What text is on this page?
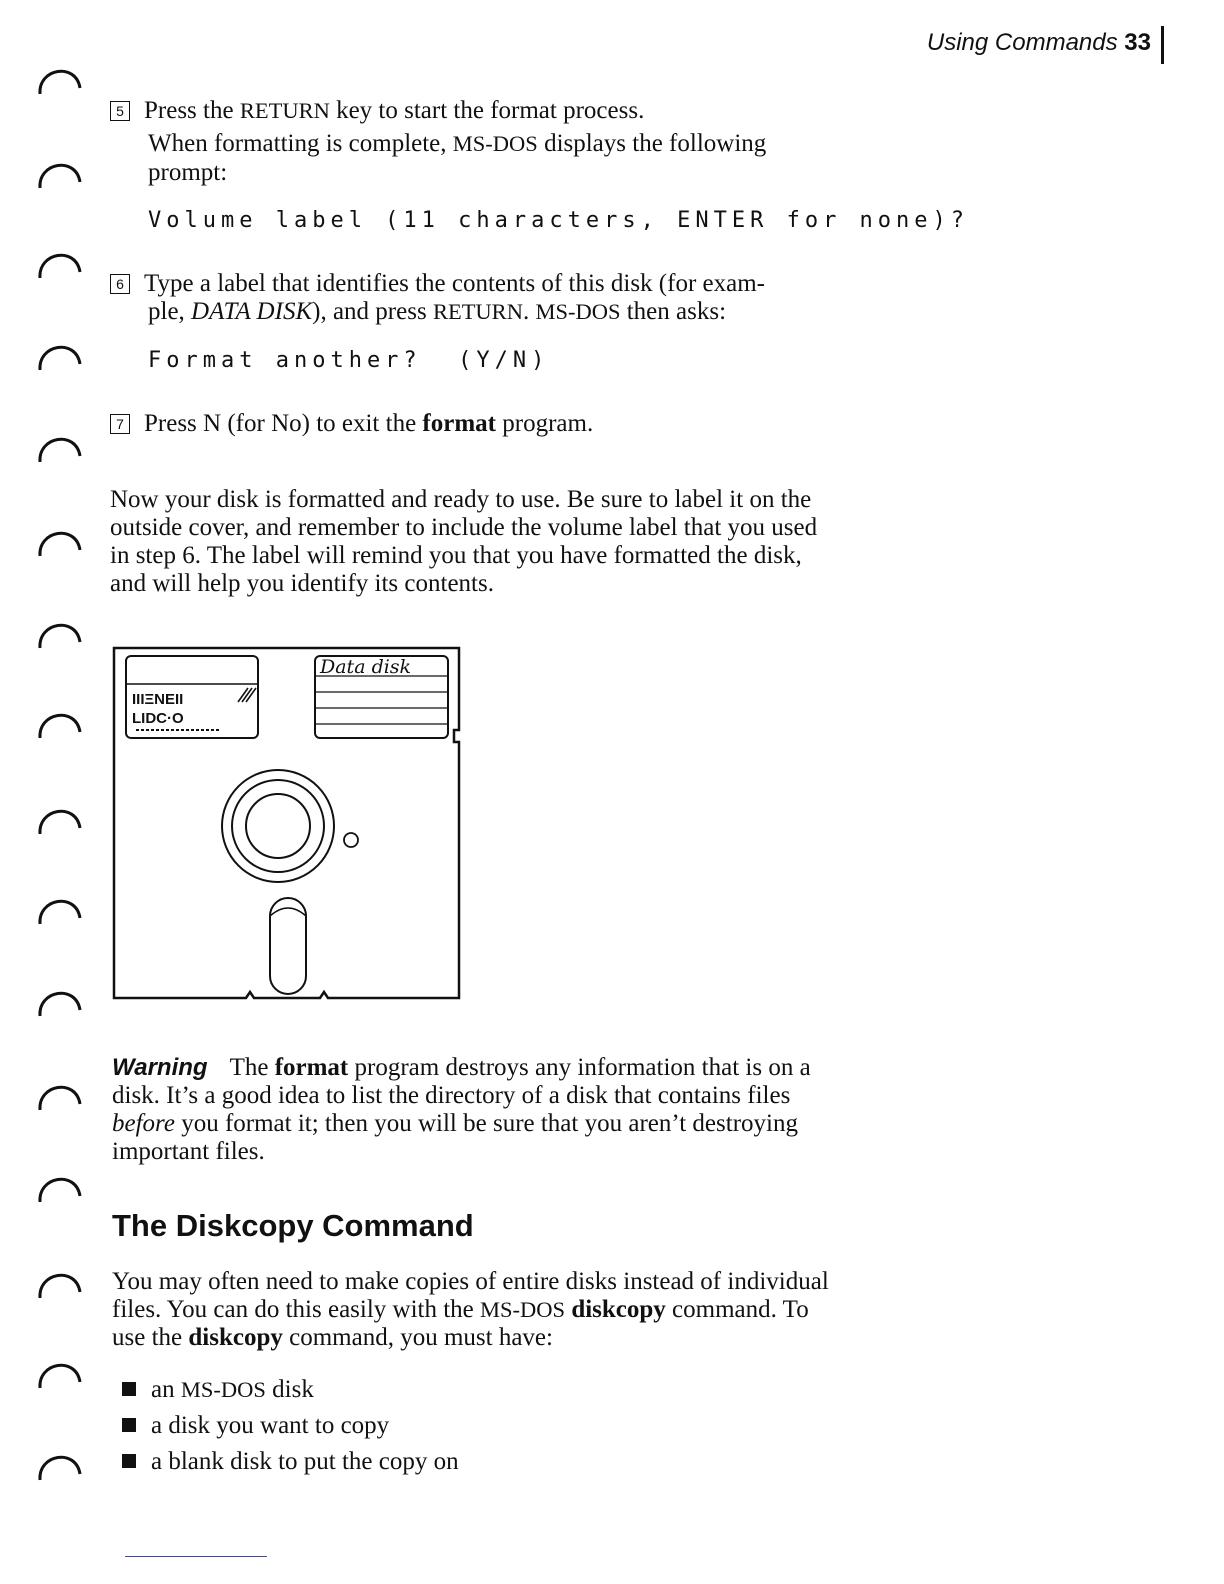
Using Commands 33
5 Press the RETURN key to start the format process.
When formatting is complete, MS-DOS displays the following prompt:
Volume label (11 characters, ENTER for none)?
6 Type a label that identifies the contents of this disk (for exam-
ple, DATA DISK), and press RETURN. MS-DOS then asks:
Format another?  (Y/N)
7 Press N (for No) to exit the format program.
Now your disk is formatted and ready to use. Be sure to label it on the outside cover, and remember to include the volume label that you used in step 6. The label will remind you that you have formatted the disk, and will help you identify its contents.
IIIΞΝΕΙΙ
LIDC·O
Data disk
Warning The format program destroys any information that is on a disk. It’s a good idea to list the directory of a disk that contains files before you format it; then you will be sure that you aren’t destroying important files.
The Diskcopy Command
You may often need to make copies of entire disks instead of individual files. You can do this easily with the MS-DOS diskcopy command. To use the diskcopy command, you must have:
an MS-DOS disk
a disk you want to copy
a blank disk to put the copy on
